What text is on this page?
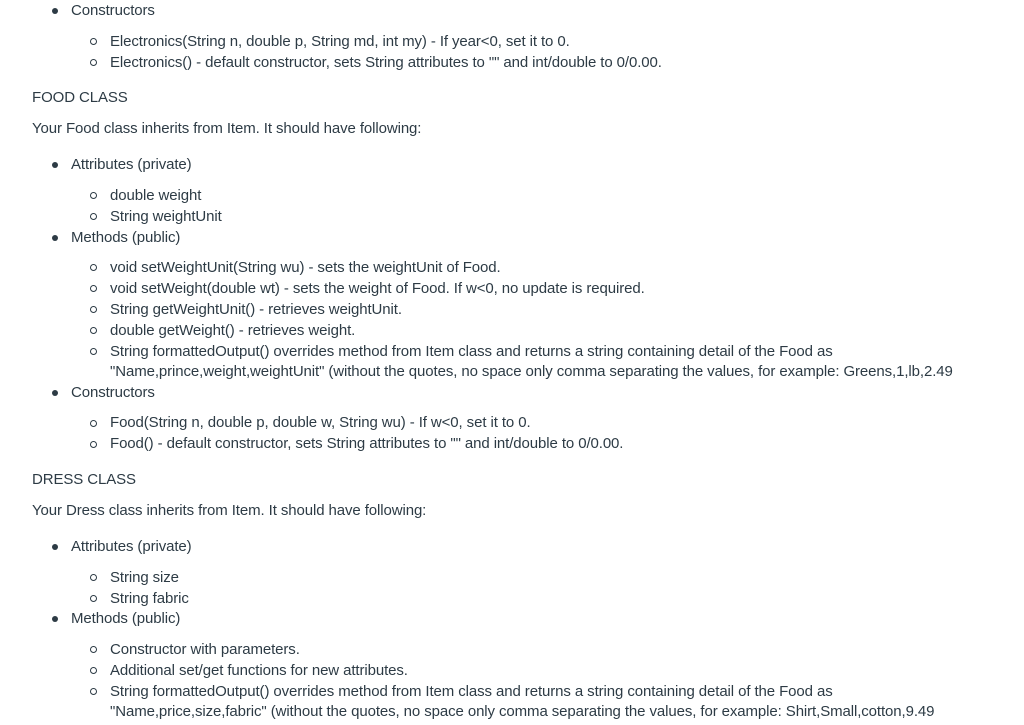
Constructors
Electronics(String n, double p, String md, int my) - If year<0, set it to 0.
Electronics() - default constructor, sets String attributes to "" and int/double to 0/0.00.
FOOD CLASS
Your Food class inherits from Item. It should have following:
Attributes (private)
double weight
String weightUnit
Methods (public)
void setWeightUnit(String wu) - sets the weightUnit of Food.
void setWeight(double wt) - sets the weight of Food. If w<0, no update is required.
String getWeightUnit() - retrieves weightUnit.
double getWeight() - retrieves weight.
String formattedOutput() overrides method from Item class and returns a string containing detail of the Food as
"Name,prince,weight,weightUnit" (without the quotes, no space only comma separating the values, for example: Greens,1,lb,2.49
Constructors
Food(String n, double p, double w, String wu) - If w<0, set it to 0.
Food() - default constructor, sets String attributes to "" and int/double to 0/0.00.
DRESS CLASS
Your Dress class inherits from Item. It should have following:
Attributes (private)
String size
String fabric
Methods (public)
Constructor with parameters.
Additional set/get functions for new attributes.
String formattedOutput() overrides method from Item class and returns a string containing detail of the Food as
"Name,price,size,fabric" (without the quotes, no space only comma separating the values, for example: Shirt,Small,cotton,9.49
